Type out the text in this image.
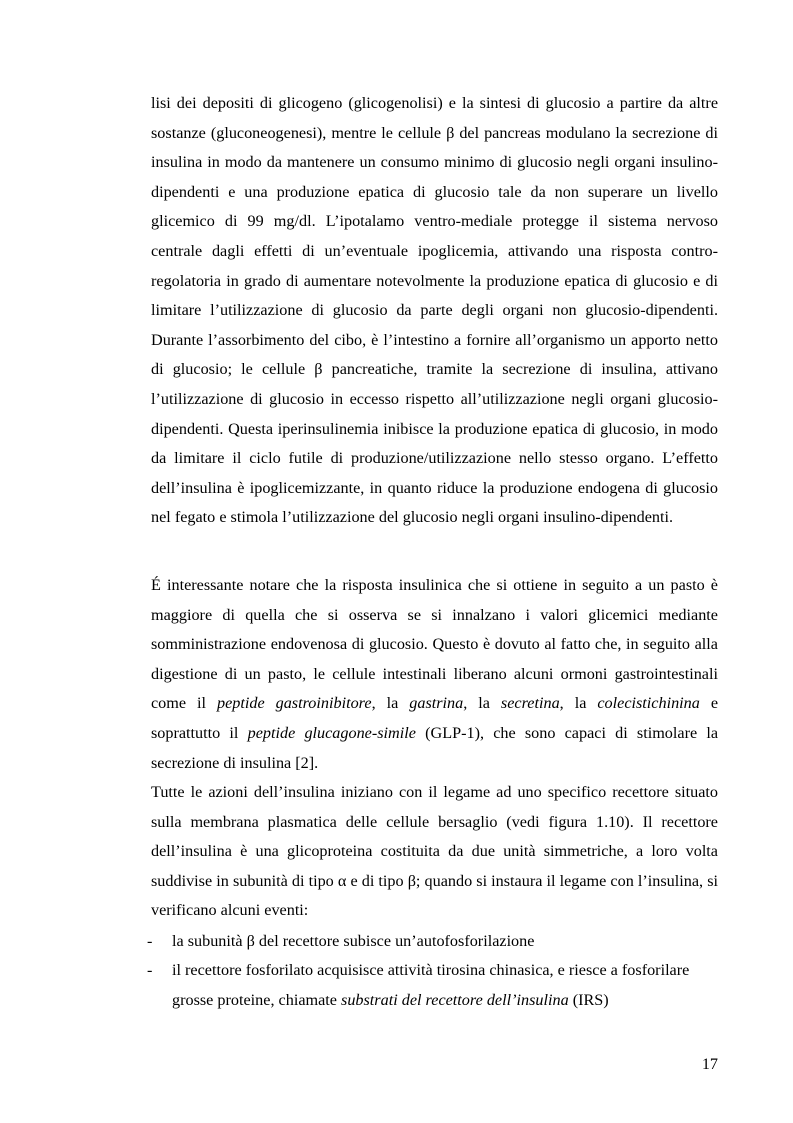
lisi dei depositi di glicogeno (glicogenolisi) e la sintesi di glucosio a partire da altre sostanze (gluconeogenesi), mentre le cellule β del pancreas modulano la secrezione di insulina in modo da mantenere un consumo minimo di glucosio negli organi insulino-dipendenti e una produzione epatica di glucosio tale da non superare un livello glicemico di 99 mg/dl. L’ipotalamo ventro-mediale protegge il sistema nervoso centrale dagli effetti di un’eventuale ipoglicemia, attivando una risposta contro-regolatoria in grado di aumentare notevolmente la produzione epatica di glucosio e di limitare l’utilizzazione di glucosio da parte degli organi non glucosio-dipendenti. Durante l’assorbimento del cibo, è l’intestino a fornire all’organismo un apporto netto di glucosio; le cellule β pancreatiche, tramite la secrezione di insulina, attivano l’utilizzazione di glucosio in eccesso rispetto all’utilizzazione negli organi glucosio-dipendenti. Questa iperinsulinemia inibisce la produzione epatica di glucosio, in modo da limitare il ciclo futile di produzione/utilizzazione nello stesso organo. L’effetto dell’insulina è ipoglicemizzante, in quanto riduce la produzione endogena di glucosio nel fegato e stimola l’utilizzazione del glucosio negli organi insulino-dipendenti.

É interessante notare che la risposta insulinica che si ottiene in seguito a un pasto è maggiore di quella che si osserva se si innalzano i valori glicemici mediante somministrazione endovenosa di glucosio. Questo è dovuto al fatto che, in seguito alla digestione di un pasto, le cellule intestinali liberano alcuni ormoni gastrointestinali come il peptide gastroinibitore, la gastrina, la secretina, la colecistichinina e soprattutto il peptide glucagone-simile (GLP-1), che sono capaci di stimolare la secrezione di insulina [2].

Tutte le azioni dell’insulina iniziano con il legame ad uno specifico recettore situato sulla membrana plasmatica delle cellule bersaglio (vedi figura 1.10). Il recettore dell’insulina è una glicoproteina costituita da due unità simmetriche, a loro volta suddivise in subunità di tipo α e di tipo β; quando si instaura il legame con l’insulina, si verificano alcuni eventi:

-	la subunità β del recettore subisce un’autofosforilazione
-	il recettore fosforilato acquisisce attività tirosina chinasica, e riesce a fosforilare grosse proteine, chiamate substrati del recettore dell’insulina (IRS)
17
